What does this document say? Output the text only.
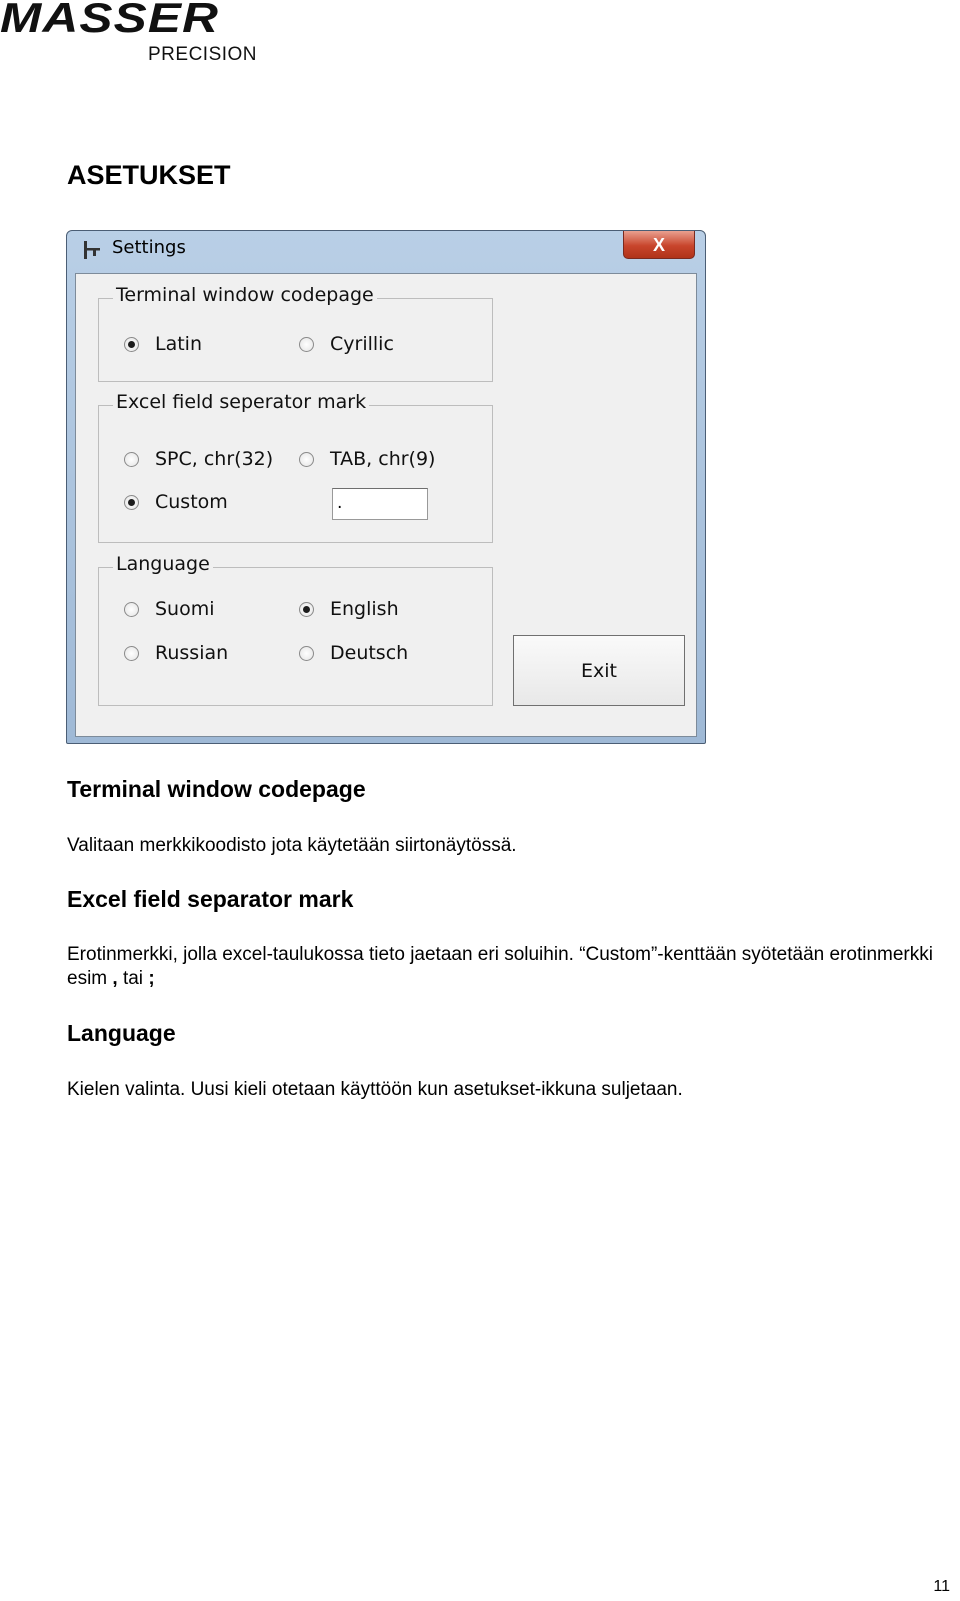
MASSER
PRECISION
ASETUKSET
Settings	X
Terminal window codepage
Latin	Cyrillic
Excel field seperator mark
SPC, chr(32)	TAB, chr(9)
Custom	.
Language
Suomi	English
Russian	Deutsch
Exit
Terminal window codepage
Valitaan merkkikoodisto jota käytetään siirtonäytössä.
Excel field separator mark
Erotinmerkki, jolla excel-taulukossa tieto jaetaan eri soluihin. “Custom”-kenttään syötetään erotinmerkki esim , tai ;
Language
Kielen valinta. Uusi kieli otetaan käyttöön kun asetukset-ikkuna suljetaan.
11
